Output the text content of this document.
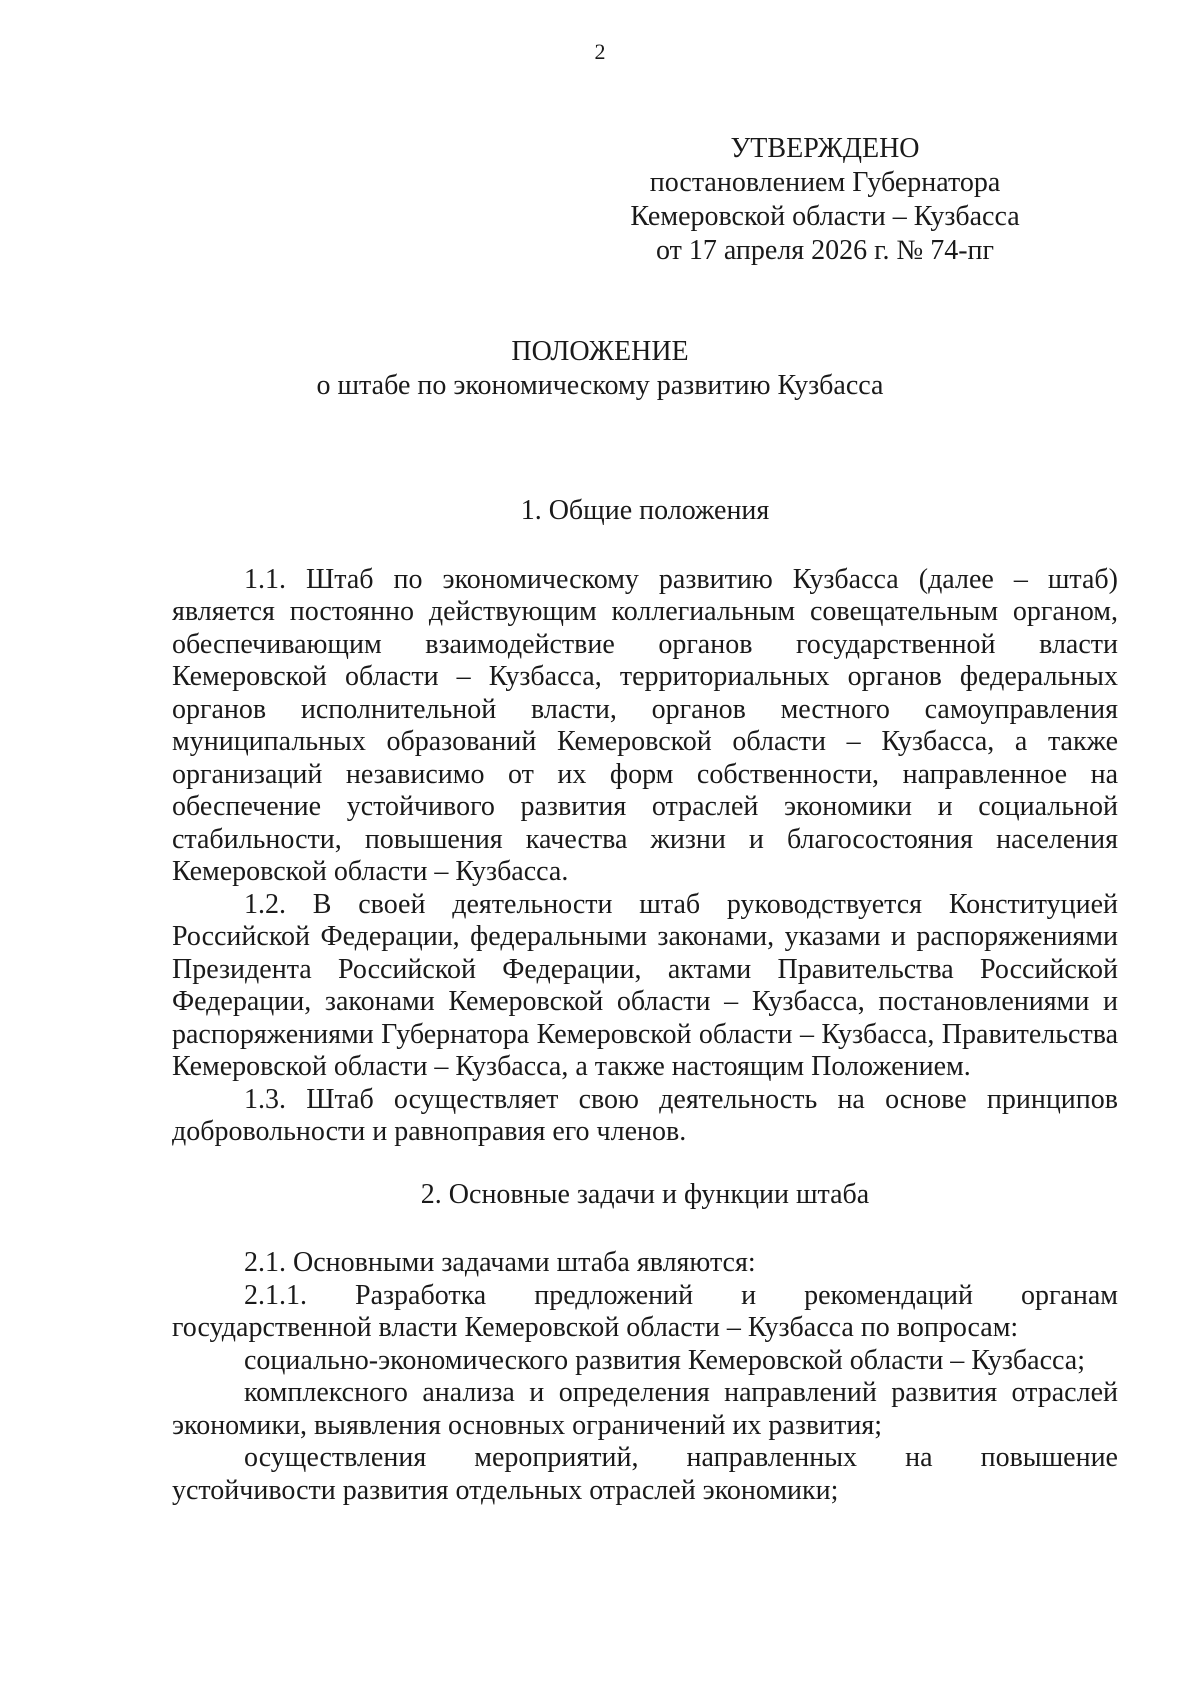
2
УТВЕРЖДЕНО
постановлением Губернатора
Кемеровской области – Кузбасса
от 17 апреля 2026 г. № 74-пг
ПОЛОЖЕНИЕ
о штабе по экономическому развитию Кузбасса
1. Общие положения

1.1. Штаб по экономическому развитию Кузбасса (далее – штаб) является постоянно действующим коллегиальным совещательным органом, обеспечивающим взаимодействие органов государственной власти Кемеровской области – Кузбасса, территориальных органов федеральных органов исполнительной власти, органов местного самоуправления муниципальных образований Кемеровской области – Кузбасса, а также организаций независимо от их форм собственности, направленное на обеспечение устойчивого развития отраслей экономики и социальной стабильности, повышения качества жизни и благосостояния населения Кемеровской области – Кузбасса.

1.2. В своей деятельности штаб руководствуется Конституцией Российской Федерации, федеральными законами, указами и распоряжениями Президента Российской Федерации, актами Правительства Российской Федерации, законами Кемеровской области – Кузбасса, постановлениями и распоряжениями Губернатора Кемеровской области – Кузбасса, Правительства Кемеровской области – Кузбасса, а также настоящим Положением.

1.3. Штаб осуществляет свою деятельность на основе принципов добровольности и равноправия его членов.

2. Основные задачи и функции штаба

2.1. Основными задачами штаба являются:

2.1.1. Разработка предложений и рекомендаций органам государственной власти Кемеровской области – Кузбасса по вопросам:

социально-экономического развития Кемеровской области – Кузбасса;

комплексного анализа и определения направлений развития отраслей экономики, выявления основных ограничений их развития;

осуществления мероприятий, направленных на повышение устойчивости развития отдельных отраслей экономики;
